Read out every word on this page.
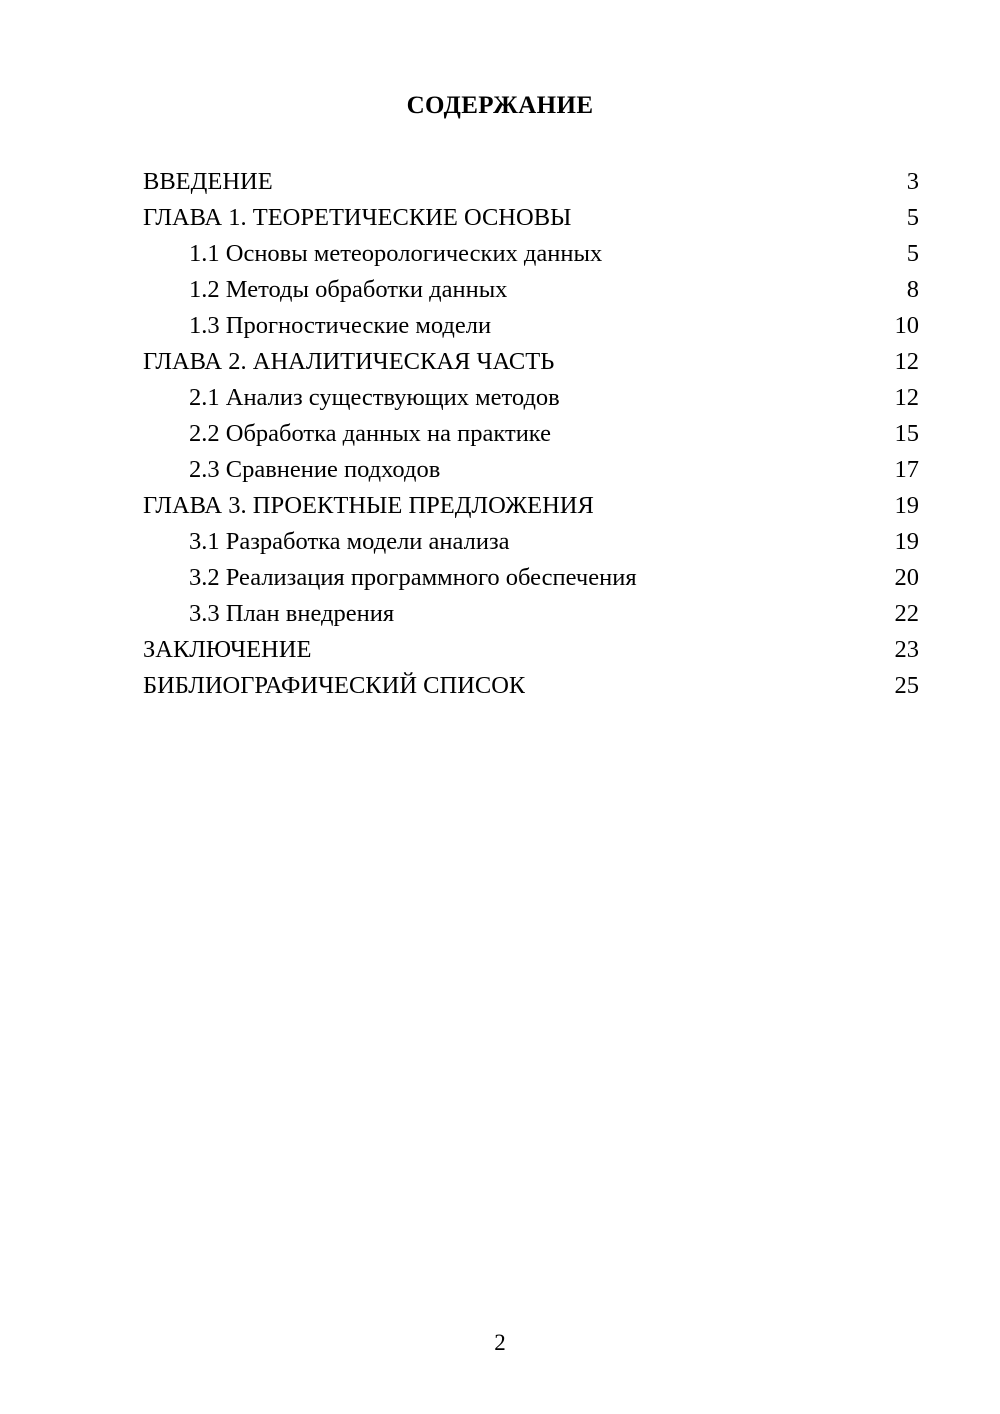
СОДЕРЖАНИЕ
ВВЕДЕНИЕ	3
ГЛАВА 1. ТЕОРЕТИЧЕСКИЕ ОСНОВЫ	5
1.1 Основы метеорологических данных	5
1.2 Методы обработки данных	8
1.3 Прогностические модели	10
ГЛАВА 2. АНАЛИТИЧЕСКАЯ ЧАСТЬ	12
2.1 Анализ существующих методов	12
2.2 Обработка данных на практике	15
2.3 Сравнение подходов	17
ГЛАВА 3. ПРОЕКТНЫЕ ПРЕДЛОЖЕНИЯ	19
3.1 Разработка модели анализа	19
3.2 Реализация программного обеспечения	20
3.3 План внедрения	22
ЗАКЛЮЧЕНИЕ	23
БИБЛИОГРАФИЧЕСКИЙ СПИСОК	25
2
